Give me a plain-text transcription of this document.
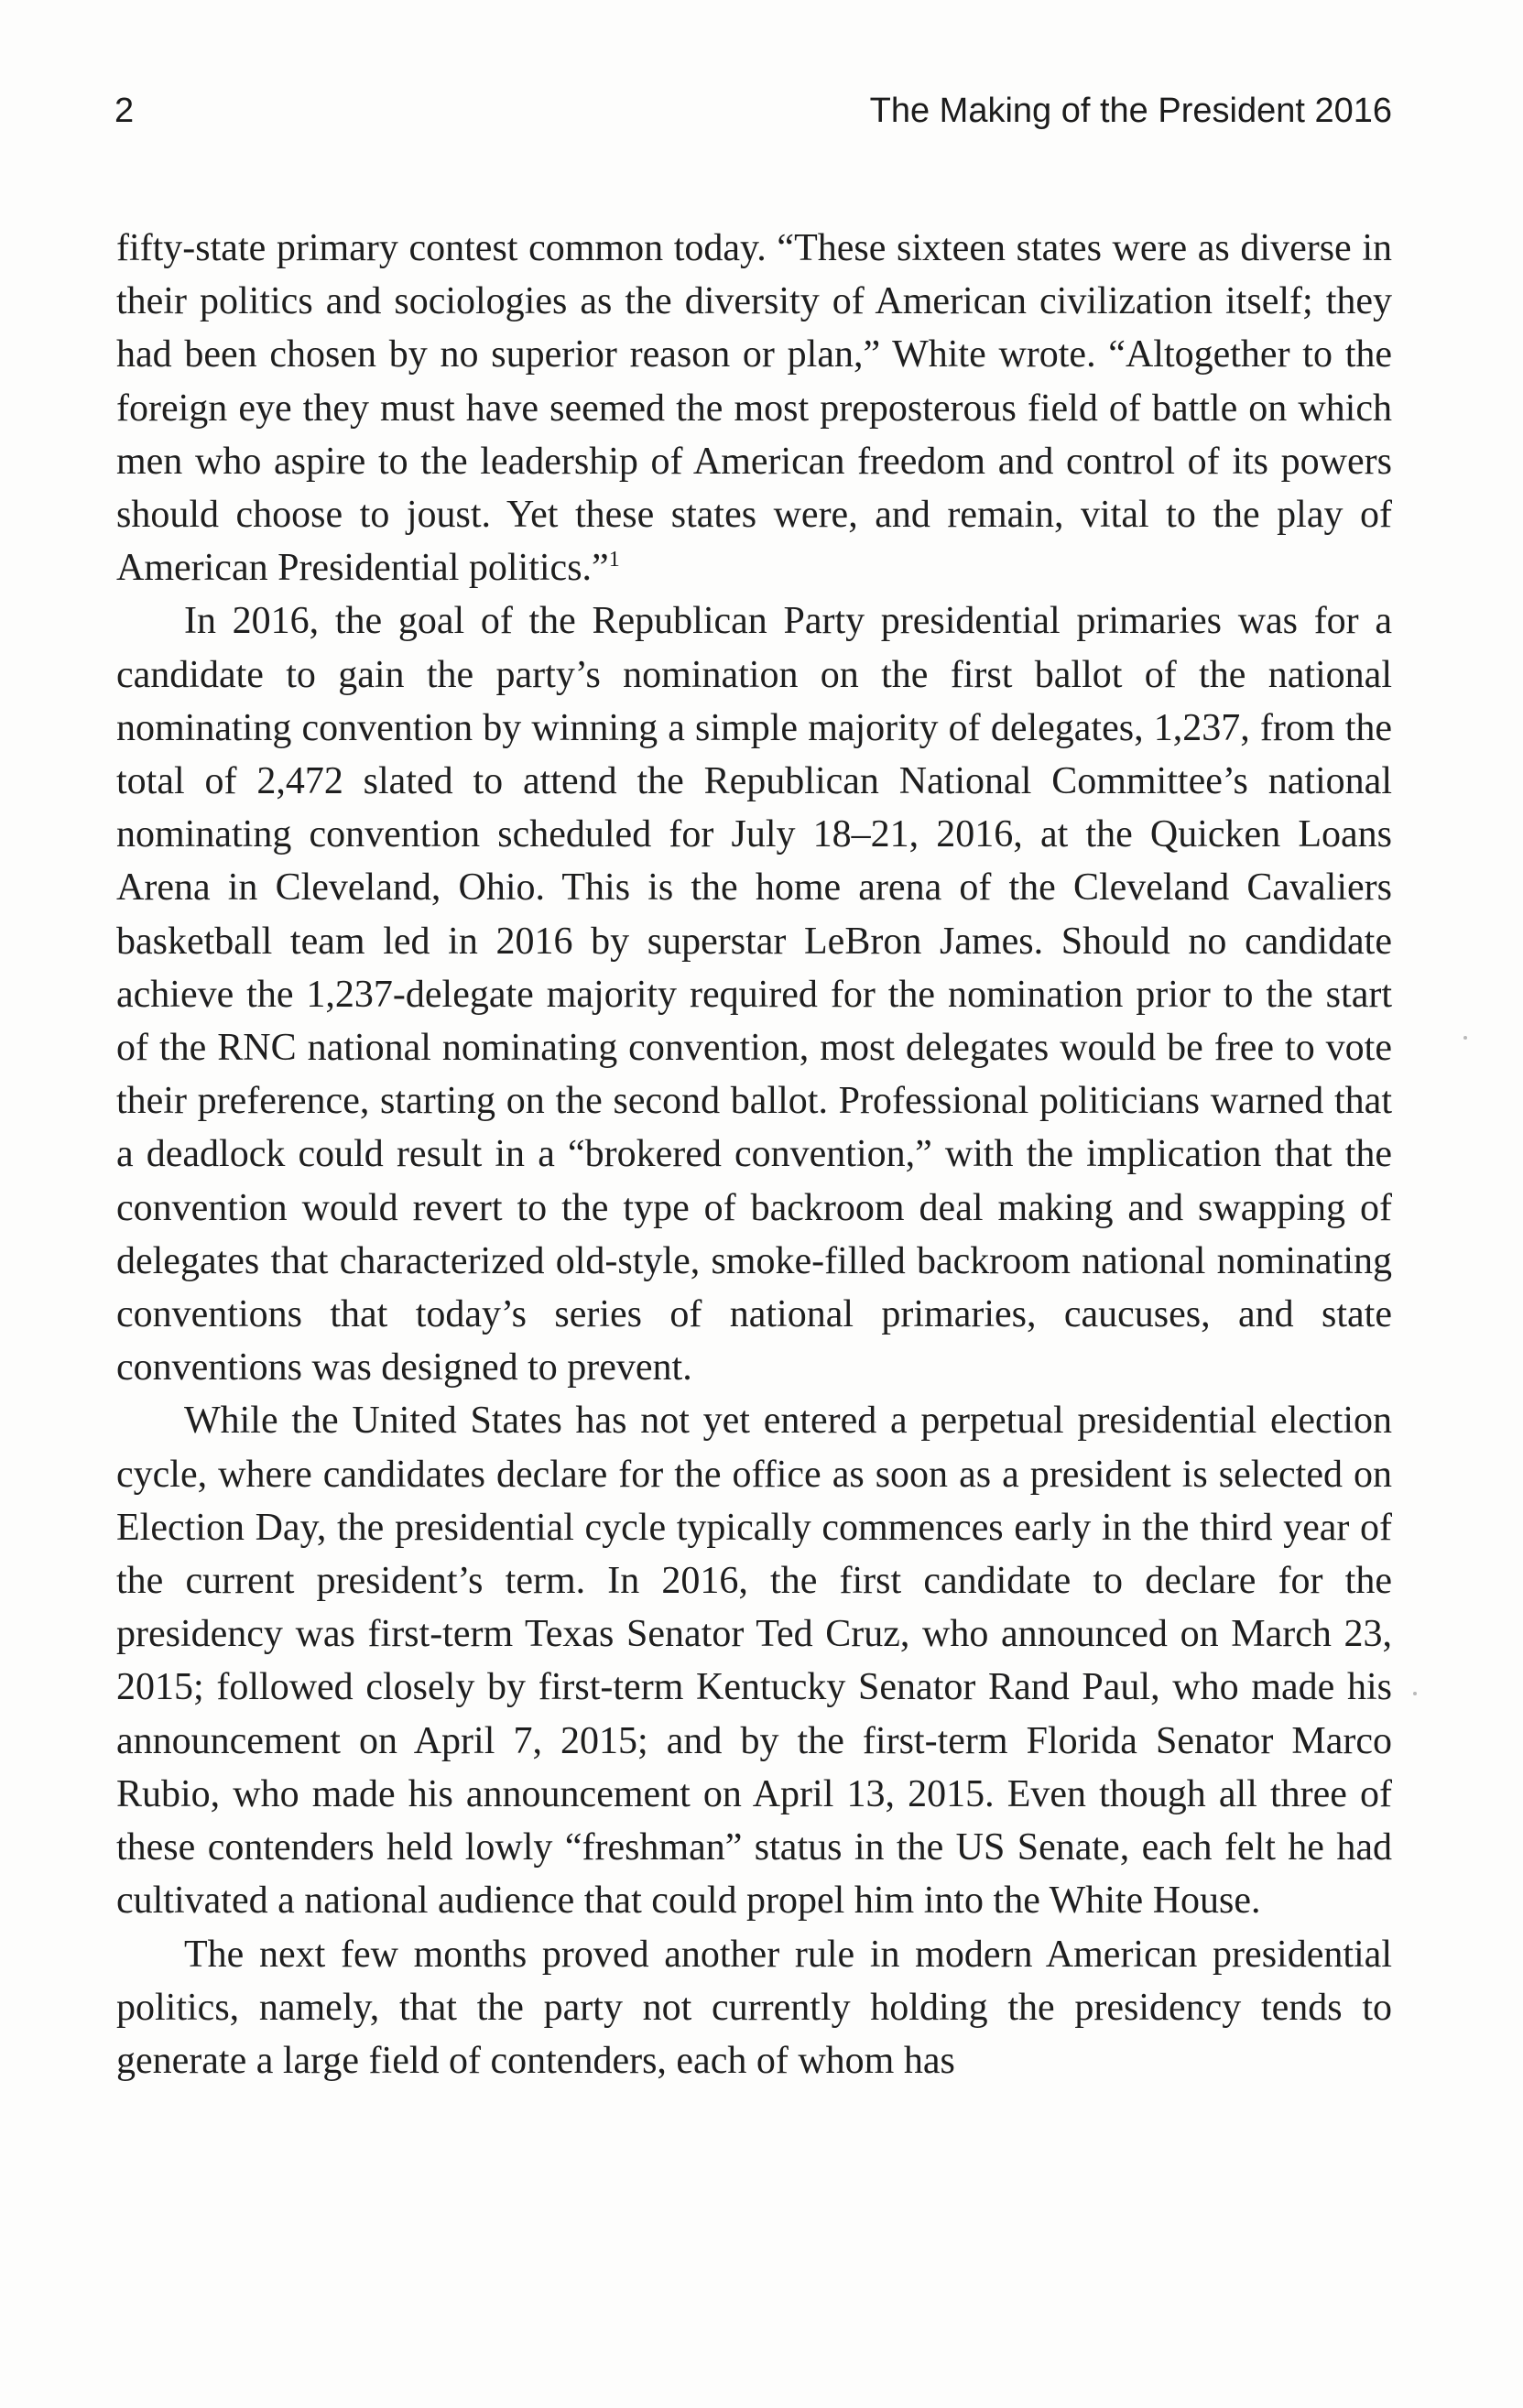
2	The Making of the President 2016

fifty-state primary contest common today. “These sixteen states were as diverse in their politics and sociologies as the diversity of American civilization itself; they had been chosen by no superior reason or plan,” White wrote. “Altogether to the foreign eye they must have seemed the most preposterous field of battle on which men who aspire to the leadership of American freedom and control of its powers should choose to joust. Yet these states were, and remain, vital to the play of American Presidential politics.”$^1$

In 2016, the goal of the Republican Party presidential primaries was for a candidate to gain the party’s nomination on the first ballot of the national nominating convention by winning a simple majority of delegates, 1,237, from the total of 2,472 slated to attend the Republican National Committee’s national nominating convention scheduled for July 18–21, 2016, at the Quicken Loans Arena in Cleveland, Ohio. This is the home arena of the Cleveland Cavaliers basketball team led in 2016 by superstar LeBron James. Should no candidate achieve the 1,237-delegate majority required for the nomination prior to the start of the RNC national nominating convention, most delegates would be free to vote their preference, starting on the second ballot. Professional politicians warned that a deadlock could result in a “brokered convention,” with the implication that the convention would revert to the type of backroom deal making and swapping of delegates that characterized old-style, smoke-filled backroom national nominating conventions that today’s series of national primaries, caucuses, and state conventions was designed to prevent.

While the United States has not yet entered a perpetual presidential election cycle, where candidates declare for the office as soon as a president is selected on Election Day, the presidential cycle typically commences early in the third year of the current president’s term. In 2016, the first candidate to declare for the presidency was first-term Texas Senator Ted Cruz, who announced on March 23, 2015; followed closely by first-term Kentucky Senator Rand Paul, who made his announcement on April 7, 2015; and by the first-term Florida Senator Marco Rubio, who made his announcement on April 13, 2015. Even though all three of these contenders held lowly “freshman” status in the US Senate, each felt he had cultivated a national audience that could propel him into the White House.

The next few months proved another rule in modern American presidential politics, namely, that the party not currently holding the presidency tends to generate a large field of contenders, each of whom has
